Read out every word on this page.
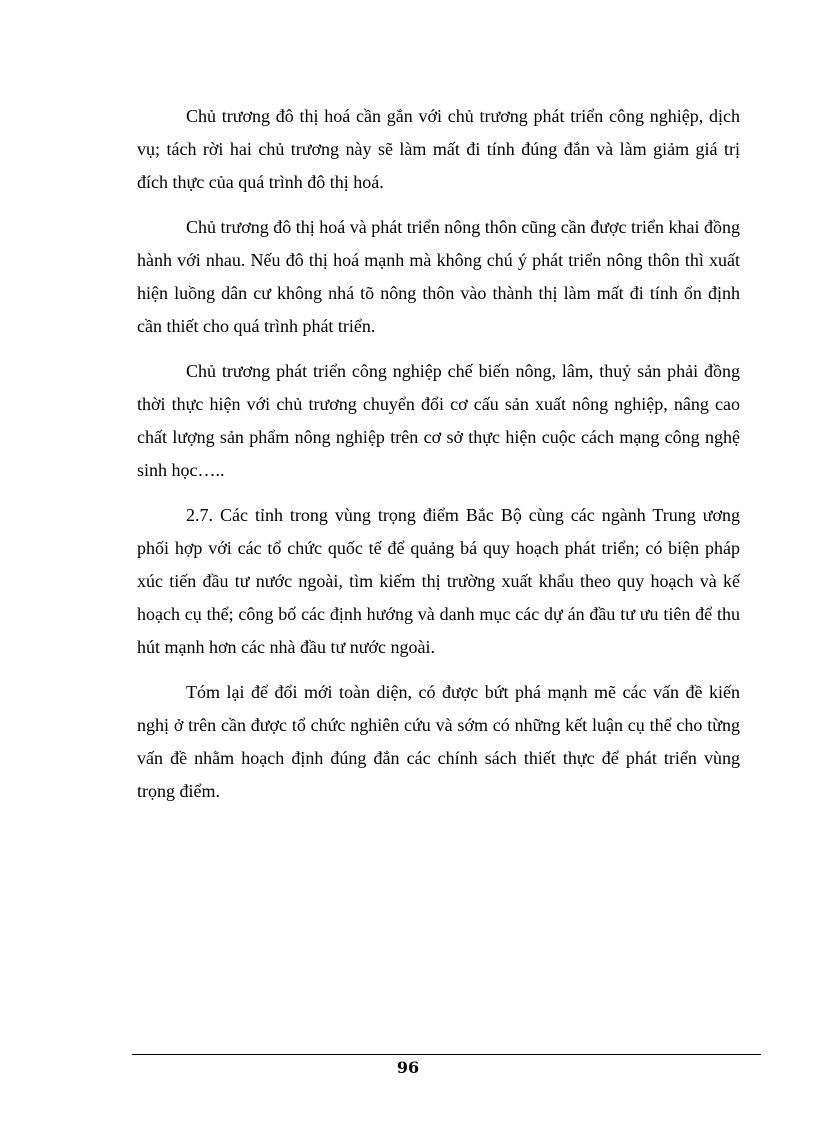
Chủ trương đô thị hoá cần gắn với chủ trương phát triển công nghiệp, dịch vụ; tách rời hai chủ trương này sẽ làm mất đi tính đúng đắn và làm giảm giá trị đích thực của quá trình đô thị hoá.

Chủ trương đô thị hoá và phát triển nông thôn cũng cần được triển khai đồng hành với nhau. Nếu đô thị hoá mạnh mà không chú ý phát triển nông thôn thì xuất hiện luồng dân cư không nhá tõ nông thôn vào thành thị làm mất đi tính ổn định cần thiết cho quá trình phát triển.

Chủ trương phát triển công nghiệp chế biến nông, lâm, thuỷ sản phải đồng thời thực hiện với chủ trương chuyển đổi cơ cấu sản xuất nông nghiệp, nâng cao chất lượng sản phẩm nông nghiệp trên cơ sở thực hiện cuộc cách mạng công nghệ sinh học…..

2.7. Các tỉnh trong vùng trọng điểm Bắc Bộ cùng các ngành Trung ương phối hợp với các tổ chức quốc tế để quảng bá quy hoạch phát triển; có biện pháp xúc tiến đầu tư nước ngoài, tìm kiếm thị trường xuất khẩu theo quy hoạch và kế hoạch cụ thể; công bố các định hướng và danh mục các dự án đầu tư ưu tiên để thu hút mạnh hơn các nhà đầu tư nước ngoài.

Tóm lại để đổi mới toàn diện, có được bứt phá mạnh mẽ các vấn đề kiến nghị ở trên cần được tổ chức nghiên cứu và sớm có những kết luận cụ thể cho từng vấn đề nhằm hoạch định đúng đắn các chính sách thiết thực để phát triển vùng trọng điểm.

96
